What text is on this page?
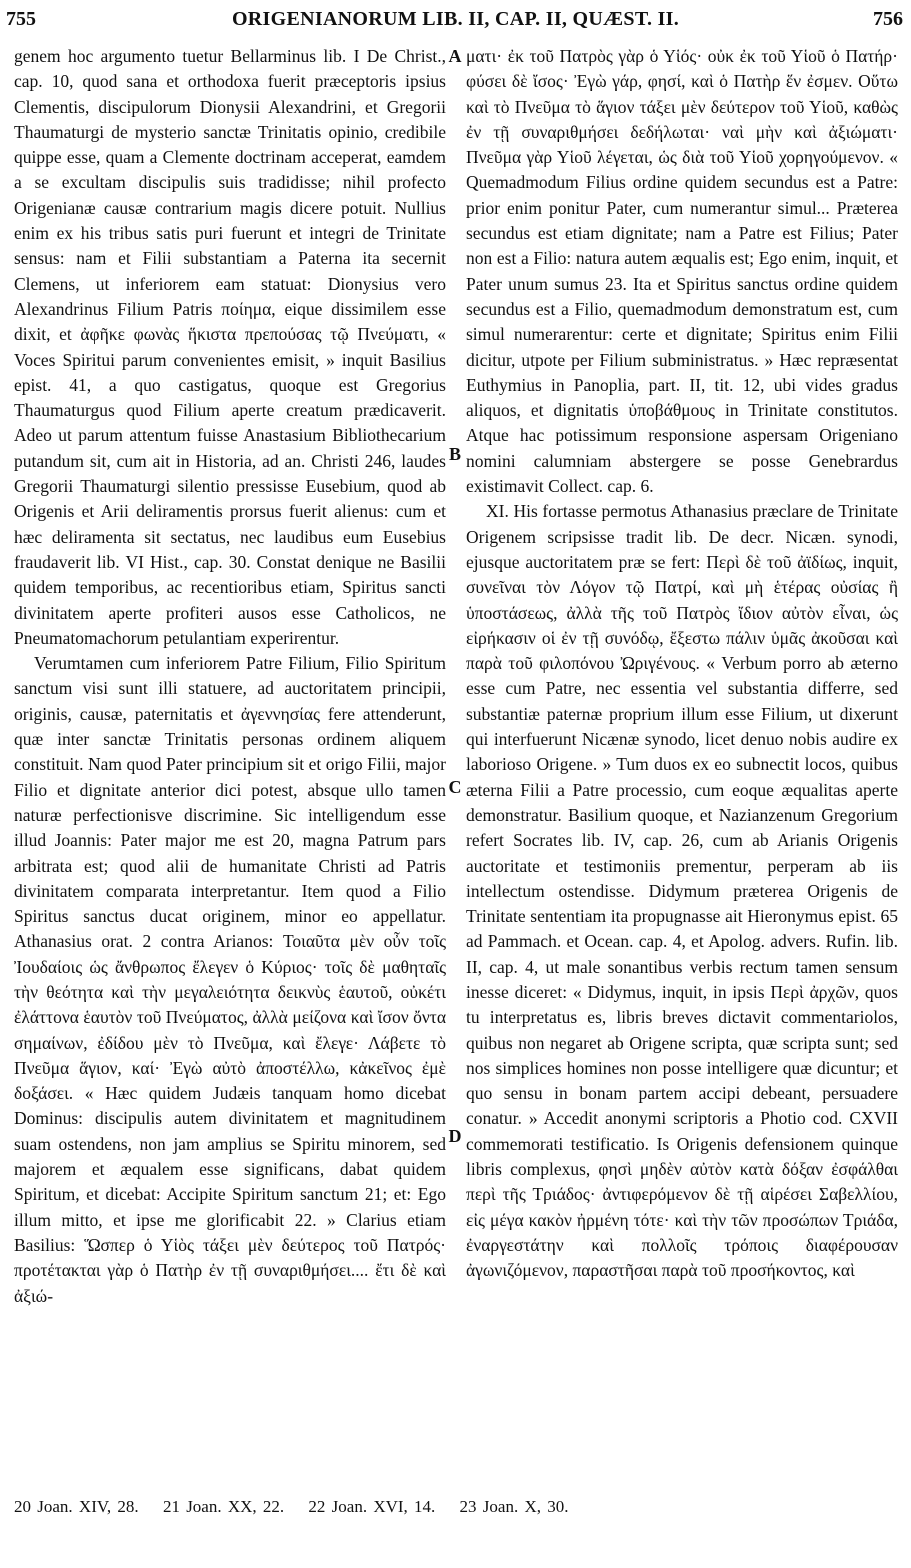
755	ORIGENIANORUM LIB. II, CAP. II, QUÆST. II.	756

genem hoc argumento tuetur Bellarminus lib. I De Christ., cap. 10, quod sana et orthodoxa fuerit præceptoris ipsius Clementis, discipulorum Dionysii Alexandrini, et Gregorii Thaumaturgi de mysterio sanctæ Trinitatis opinio, credibile quippe esse, quam a Clemente doctrinam acceperat, eamdem a se excultam discipulis suis tradidisse; nihil profecto Origenianæ causæ contrarium magis dicere potuit. Nullius enim ex his tribus satis puri fuerunt et integri de Trinitate sensus: nam et Filii substantiam a Paterna ita secernit Clemens, ut inferiorem eam statuat: Dionysius vero Alexandrinus Filium Patris ποίημα, eique dissimilem esse dixit, et ἀφῆκε φωνὰς ἥκιστα πρεπούσας τῷ Πνεύματι, « Voces Spiritui parum convenientes emisit, » inquit Basilius epist. 41, a quo castigatus, quoque est Gregorius Thaumaturgus quod Filium aperte creatum prædicaverit. Adeo ut parum attentum fuisse Anastasium Bibliothecarium putandum sit, cum ait in Historia, ad an. Christi 246, laudes Gregorii Thaumaturgi silentio pressisse Eusebium, quod ab Origenis et Arii deliramentis prorsus fuerit alienus: cum et hæc deliramenta sit sectatus, nec laudibus eum Eusebius fraudaverit lib. VI Hist., cap. 30. Constat denique ne Basilii quidem temporibus, ac recentioribus etiam, Spiritus sancti divinitatem aperte profiteri ausos esse Catholicos, ne Pneumatomachorum petulantiam experirentur.

Verumtamen cum inferiorem Patre Filium, Filio Spiritum sanctum visi sunt illi statuere, ad auctoritatem principii, originis, causæ, paternitatis et ἀγεννησίας fere attenderunt, quæ inter sanctæ Trinitatis personas ordinem aliquem constituit. Nam quod Pater principium sit et origo Filii, major Filio et dignitate anterior dici potest, absque ullo tamen naturæ perfectionisve discrimine. Sic intelligendum esse illud Joannis: Pater major me est 20, magna Patrum pars arbitrata est; quod alii de humanitate Christi ad Patris divinitatem comparata interpretantur. Item quod a Filio Spiritus sanctus ducat originem, minor eo appellatur. Athanasius orat. 2 contra Arianos: Τοιαῦτα μὲν οὖν τοῖς Ἰουδαίοις ὡς ἄνθρωπος ἔλεγεν ὁ Κύριος· τοῖς δὲ μαθηταῖς τὴν θεότητα καὶ τὴν μεγαλειότητα δεικνὺς ἑαυτοῦ, οὐκέτι ἐλάττονα ἑαυτὸν τοῦ Πνεύματος, ἀλλὰ μείζονα καὶ ἴσον ὄντα σημαίνων, ἐδίδου μὲν τὸ Πνεῦμα, καὶ ἔλεγε· Λάβετε τὸ Πνεῦμα ἅγιον, καί· Ἐγὼ αὐτὸ ἀποστέλλω, κἀκεῖνος ἐμὲ δοξάσει. « Hæc quidem Judæis tanquam homo dicebat Dominus: discipulis autem divinitatem et magnitudinem suam ostendens, non jam amplius se Spiritu minorem, sed majorem et æqualem esse significans, dabat quidem Spiritum, et dicebat: Accipite Spiritum sanctum 21; et: Ego illum mitto, et ipse me glorificabit 22. » Clarius etiam Basilius: Ὥσπερ ὁ Υἱὸς τάξει μὲν δεύτερος τοῦ Πατρός· προτέτακται γὰρ ὁ Πατὴρ ἐν τῇ συναριθμήσει.... ἔτι δὲ καὶ ἀξιώ-

A
B
C
D

ματι· ἐκ τοῦ Πατρὸς γὰρ ὁ Υἱός· οὐκ ἐκ τοῦ Υἱοῦ ὁ Πατήρ· φύσει δὲ ἴσος· Ἐγὼ γάρ, φησί, καὶ ὁ Πατὴρ ἕν ἐσμεν. Οὕτω καὶ τὸ Πνεῦμα τὸ ἅγιον τάξει μὲν δεύτερον τοῦ Υἱοῦ, καθὼς ἐν τῇ συναριθμήσει δεδήλωται· ναὶ μὴν καὶ ἀξιώματι· Πνεῦμα γὰρ Υἱοῦ λέγεται, ὡς διὰ τοῦ Υἱοῦ χορηγούμενον. « Quemadmodum Filius ordine quidem secundus est a Patre: prior enim ponitur Pater, cum numerantur simul... Præterea secundus est etiam dignitate; nam a Patre est Filius; Pater non est a Filio: natura autem æqualis est; Ego enim, inquit, et Pater unum sumus 23. Ita et Spiritus sanctus ordine quidem secundus est a Filio, quemadmodum demonstratum est, cum simul numerarentur: certe et dignitate; Spiritus enim Filii dicitur, utpote per Filium subministratus. » Hæc repræsentat Euthymius in Panoplia, part. II, tit. 12, ubi vides gradus aliquos, et dignitatis ὑποβάθμους in Trinitate constitutos. Atque hac potissimum responsione aspersam Origeniano nomini calumniam abstergere se posse Genebrardus existimavit Collect. cap. 6.

XI. His fortasse permotus Athanasius præclare de Trinitate Origenem scripsisse tradit lib. De decr. Nicæn. synodi, ejusque auctoritatem præ se fert: Περὶ δὲ τοῦ ἀϊδίως, inquit, συνεῖναι τὸν Λόγον τῷ Πατρί, καὶ μὴ ἑτέρας οὐσίας ἢ ὑποστάσεως, ἀλλὰ τῆς τοῦ Πατρὸς ἴδιον αὐτὸν εἶναι, ὡς εἰρήκασιν οἱ ἐν τῇ συνόδῳ, ἔξεστω πάλιν ὑμᾶς ἀκοῦσαι καὶ παρὰ τοῦ φιλοπόνου Ὠριγένους. « Verbum porro ab æterno esse cum Patre, nec essentia vel substantia differre, sed substantiæ paternæ proprium illum esse Filium, ut dixerunt qui interfuerunt Nicænæ synodo, licet denuo nobis audire ex laborioso Origene. » Tum duos ex eo subnectit locos, quibus æterna Filii a Patre processio, cum eoque æqualitas aperte demonstratur. Basilium quoque, et Nazianzenum Gregorium refert Socrates lib. IV, cap. 26, cum ab Arianis Origenis auctoritate et testimoniis prementur, perperam ab iis intellectum ostendisse. Didymum præterea Origenis de Trinitate sententiam ita propugnasse ait Hieronymus epist. 65 ad Pammach. et Ocean. cap. 4, et Apolog. advers. Rufin. lib. II, cap. 4, ut male sonantibus verbis rectum tamen sensum inesse diceret: « Didymus, inquit, in ipsis Περὶ ἀρχῶν, quos tu interpretatus es, libris breves dictavit commentariolos, quibus non negaret ab Origene scripta, quæ scripta sunt; sed nos simplices homines non posse intelligere quæ dicuntur; et quo sensu in bonam partem accipi debeant, persuadere conatur. » Accedit anonymi scriptoris a Photio cod. CXVII commemorati testificatio. Is Origenis defensionem quinque libris complexus, φησὶ μηδὲν αὐτὸν κατὰ δόξαν ἐσφάλθαι περὶ τῆς Τριάδος· ἀντιφερόμενον δὲ τῇ αἱρέσει Σαβελλίου, εἰς μέγα κακὸν ἠρμένη τότε· καὶ τὴν τῶν προσώπων Τριάδα, ἐναργεστάτην καὶ πολλοῖς τρόποις διαφέρουσαν ἀγωνιζόμενον, παραστῆσαι παρὰ τοῦ προσήκοντος, καὶ

20 Joan. XIV, 28. 21 Joan. XX, 22. 22 Joan. XVI, 14. 23 Joan. X, 30.
